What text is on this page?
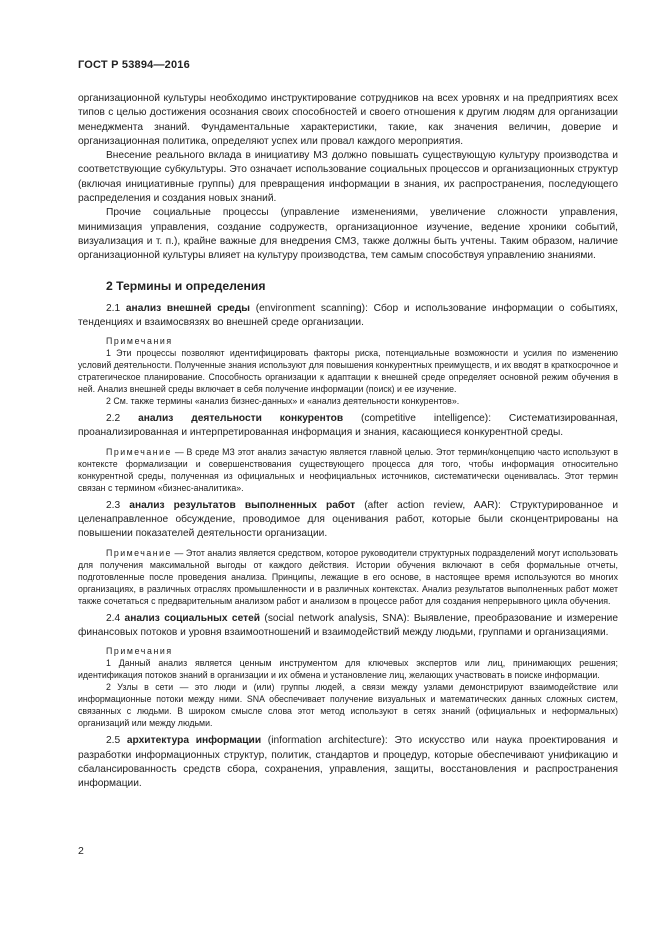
ГОСТ Р 53894—2016

организационной культуры необходимо инструктирование сотрудников на всех уровнях и на предприятиях всех типов с целью достижения осознания своих способностей и своего отношения к другим людям для организации менеджмента знаний. Фундаментальные характеристики, такие, как значения величин, доверие и организационная политика, определяют успех или провал каждого мероприятия.

Внесение реального вклада в инициативу МЗ должно повышать существующую культуру производства и соответствующие субкультуры. Это означает использование социальных процессов и организационных структур (включая инициативные группы) для превращения информации в знания, их распространения, последующего распределения и создания новых знаний.

Прочие социальные процессы (управление изменениями, увеличение сложности управления, минимизация управления, создание содружеств, организационное изучение, ведение хроники событий, визуализация и т. п.), крайне важные для внедрения СМЗ, также должны быть учтены. Таким образом, наличие организационной культуры влияет на культуру производства, тем самым способствуя управлению знаниями.

2 Термины и определения

2.1 анализ внешней среды (environment scanning): Сбор и использование информации о событиях, тенденциях и взаимосвязях во внешней среде организации.

Примечания

1 Эти процессы позволяют идентифицировать факторы риска, потенциальные возможности и усилия по изменению условий деятельности. Полученные знания используют для повышения конкурентных преимуществ, и их вводят в краткосрочное и стратегическое планирование. Способность организации к адаптации к внешней среде определяет основной режим обучения в ней. Анализ внешней среды включает в себя получение информации (поиск) и ее изучение.

2 См. также термины «анализ бизнес-данных» и «анализ деятельности конкурентов».

2.2 анализ деятельности конкурентов (competitive intelligence): Систематизированная, проанализированная и интерпретированная информация и знания, касающиеся конкурентной среды.

Примечание — В среде МЗ этот анализ зачастую является главной целью. Этот термин/концепцию часто используют в контексте формализации и совершенствования существующего процесса для того, чтобы информация относительно конкурентной среды, полученная из официальных и неофициальных источников, систематически оценивалась. Этот термин связан с термином «бизнес-аналитика».

2.3 анализ результатов выполненных работ (after action review, AAR): Структурированное и целенаправленное обсуждение, проводимое для оценивания работ, которые были сконцентрированы на повышении показателей деятельности организации.

Примечание — Этот анализ является средством, которое руководители структурных подразделений могут использовать для получения максимальной выгоды от каждого действия. Истории обучения включают в себя формальные отчеты, подготовленные после проведения анализа. Принципы, лежащие в его основе, в настоящее время используются во многих организациях, в различных отраслях промышленности и в различных контекстах. Анализ результатов выполненных работ может также сочетаться с предварительным анализом работ и анализом в процессе работ для создания непрерывного цикла обучения.

2.4 анализ социальных сетей (social network analysis, SNA): Выявление, преобразование и измерение финансовых потоков и уровня взаимоотношений и взаимодействий между людьми, группами и организациями.

Примечания

1 Данный анализ является ценным инструментом для ключевых экспертов или лиц, принимающих решения; идентификация потоков знаний в организации и их обмена и установление лиц, желающих участвовать в поиске информации.

2 Узлы в сети — это люди и (или) группы людей, а связи между узлами демонстрируют взаимодействие или информационные потоки между ними. SNA обеспечивает получение визуальных и математических данных сложных систем, связанных с людьми. В широком смысле слова этот метод используют в сетях знаний (официальных и неформальных) организаций или между людьми.

2.5 архитектура информации (information architecture): Это искусство или наука проектирования и разработки информационных структур, политик, стандартов и процедур, которые обеспечивают унификацию и сбалансированность средств сбора, сохранения, управления, защиты, восстановления и распространения информации.

2
